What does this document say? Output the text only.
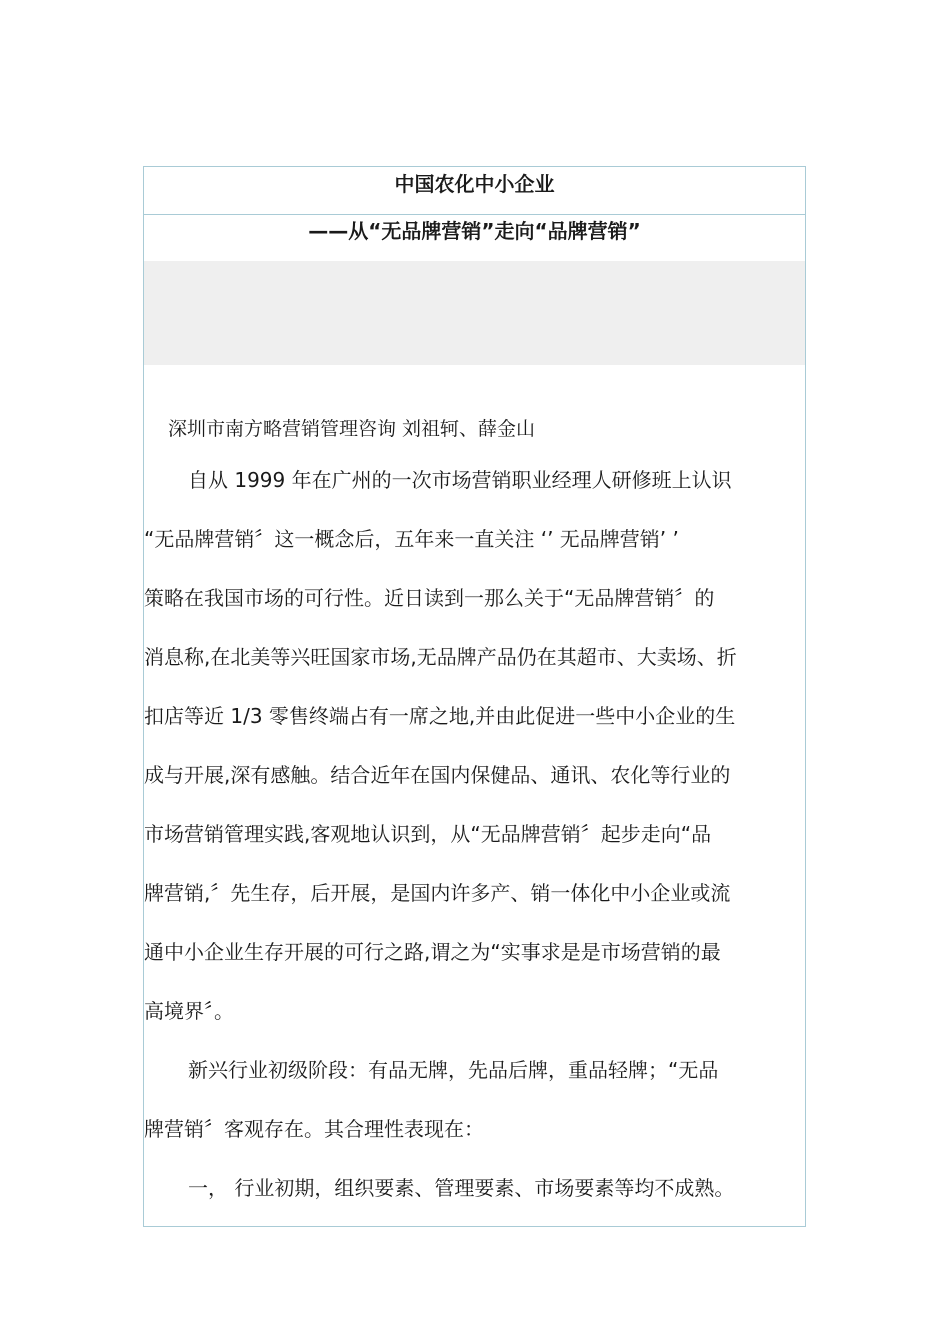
中国农化中小企业
——从“无品牌营销”走向“品牌营销”
深圳市南方略营销管理咨询 刘祖轲、薛金山
自从 1999 年在广州的一次市场营销职业经理人研修班上认识
“无品牌营销〞这一概念后，五年来一直关注 ‘’ 无品牌营销’ ’
策略在我国市场的可行性。近日读到一那么关于“无品牌营销〞的
消息称,在北美等兴旺国家市场,无品牌产品仍在其超市、大卖场、折
扣店等近 1/3 零售终端占有一席之地,并由此促进一些中小企业的生
成与开展,深有感触。结合近年在国内保健品、通讯、农化等行业的
市场营销管理实践,客观地认识到，从“无品牌营销〞起步走向“品
牌营销,〞先生存，后开展，是国内许多产、销一体化中小企业或流
通中小企业生存开展的可行之路,谓之为“实事求是是市场营销的最
高境界〞。
新兴行业初级阶段：有品无牌，先品后牌，重品轻牌；“无品
牌营销〞客观存在。其合理性表现在：
一， 行业初期，组织要素、管理要素、市场要素等均不成熟。
